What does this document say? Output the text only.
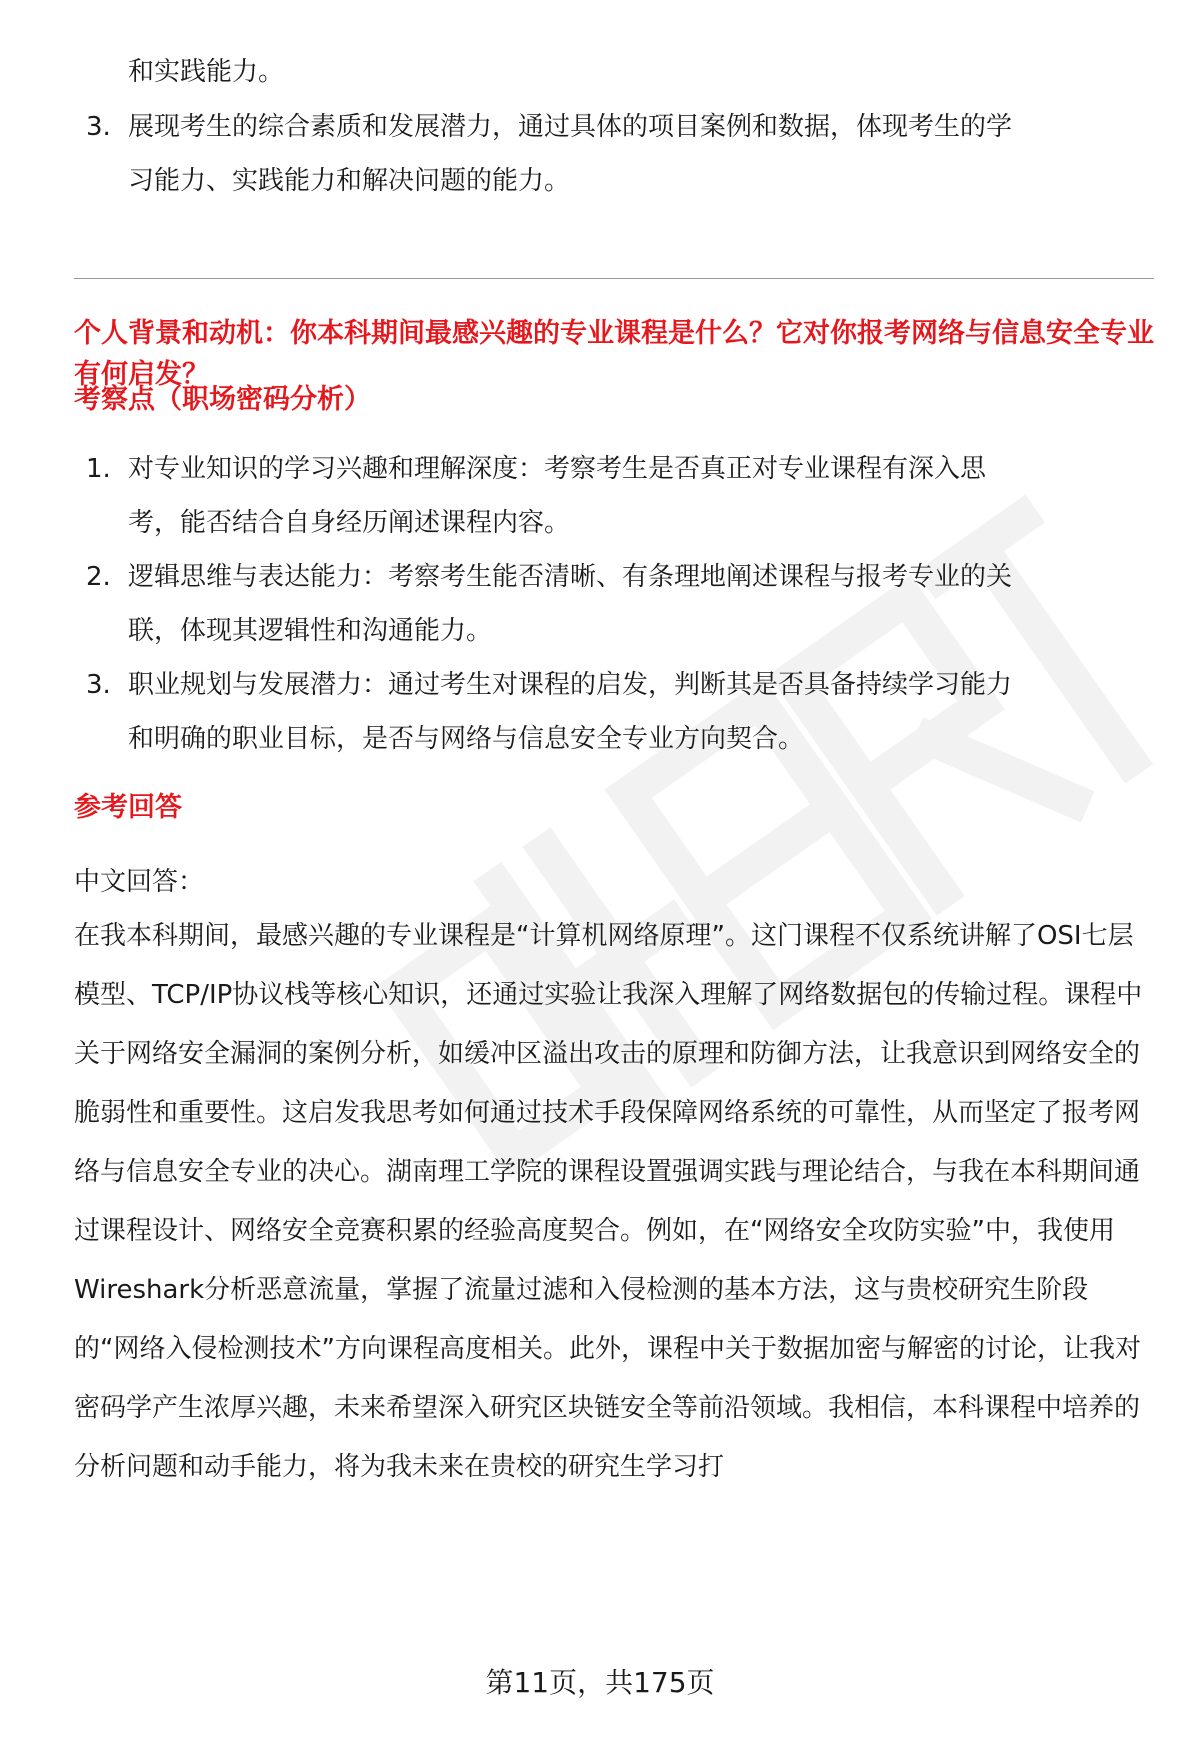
和实践能力。
3. 展现考生的综合素质和发展潜力，通过具体的项目案例和数据，体现考生的学
习能力、实践能力和解决问题的能力。
个人背景和动机：你本科期间最感兴趣的专业课程是什么？它对你报考网络与信息安全专业有何启发？
考察点（职场密码分析）
1. 对专业知识的学习兴趣和理解深度：考察考生是否真正对专业课程有深入思
考，能否结合自身经历阐述课程内容。
2. 逻辑思维与表达能力：考察考生能否清晰、有条理地阐述课程与报考专业的关
联，体现其逻辑性和沟通能力。
3. 职业规划与发展潜力：通过考生对课程的启发，判断其是否具备持续学习能力
和明确的职业目标，是否与网络与信息安全专业方向契合。
参考回答
中文回答：
在我本科期间，最感兴趣的专业课程是“计算机网络原理”。这门课程不仅系统讲解了OSI七层模型、TCP/IP协议栈等核心知识，还通过实验让我深入理解了网络数据包的传输过程。课程中关于网络安全漏洞的案例分析，如缓冲区溢出攻击的原理和防御方法，让我意识到网络安全的脆弱性和重要性。这启发我思考如何通过技术手段保障网络系统的可靠性，从而坚定了报考网络与信息安全专业的决心。湖南理工学院的课程设置强调实践与理论结合，与我在本科期间通过课程设计、网络安全竞赛积累的经验高度契合。例如，在“网络安全攻防实验”中，我使用Wireshark分析恶意流量，掌握了流量过滤和入侵检测的基本方法，这与贵校研究生阶段的“网络入侵检测技术”方向课程高度相关。此外，课程中关于数据加密与解密的讨论，让我对密码学产生浓厚兴趣，未来希望深入研究区块链安全等前沿领域。我相信，本科课程中培养的分析问题和动手能力，将为我未来在贵校的研究生学习打
第11页，共175页
